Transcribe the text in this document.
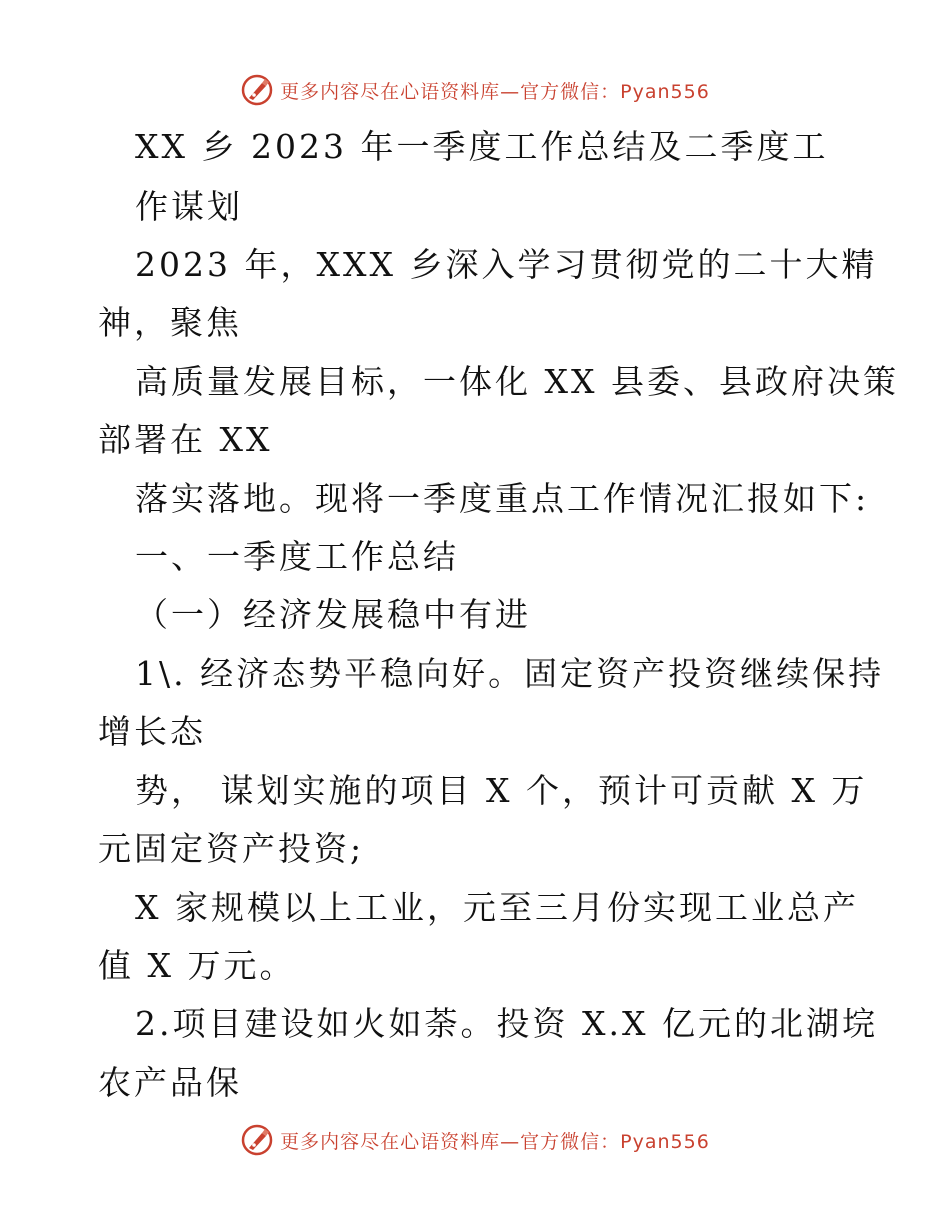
更多内容尽在心语资料库—官方微信：Pyan556

XX 乡 2023 年一季度工作总结及二季度工

作谋划

2023 年，XXX 乡深入学习贯彻党的二十大精

神，聚焦

高质量发展目标，一体化 XX 县委、县政府决策

部署在 XX

落实落地。现将一季度重点工作情况汇报如下:

一、一季度工作总结

（一）经济发展稳中有进

1\. 经济态势平稳向好。固定资产投资继续保持

增长态

势， 谋划实施的项目 X 个，预计可贡献 X 万

元固定资产投资;

X 家规模以上工业，元至三月份实现工业总产

值 X 万元。

2.项目建设如火如荼。投资 X.X 亿元的北湖垸

农产品保

更多内容尽在心语资料库—官方微信：Pyan556
